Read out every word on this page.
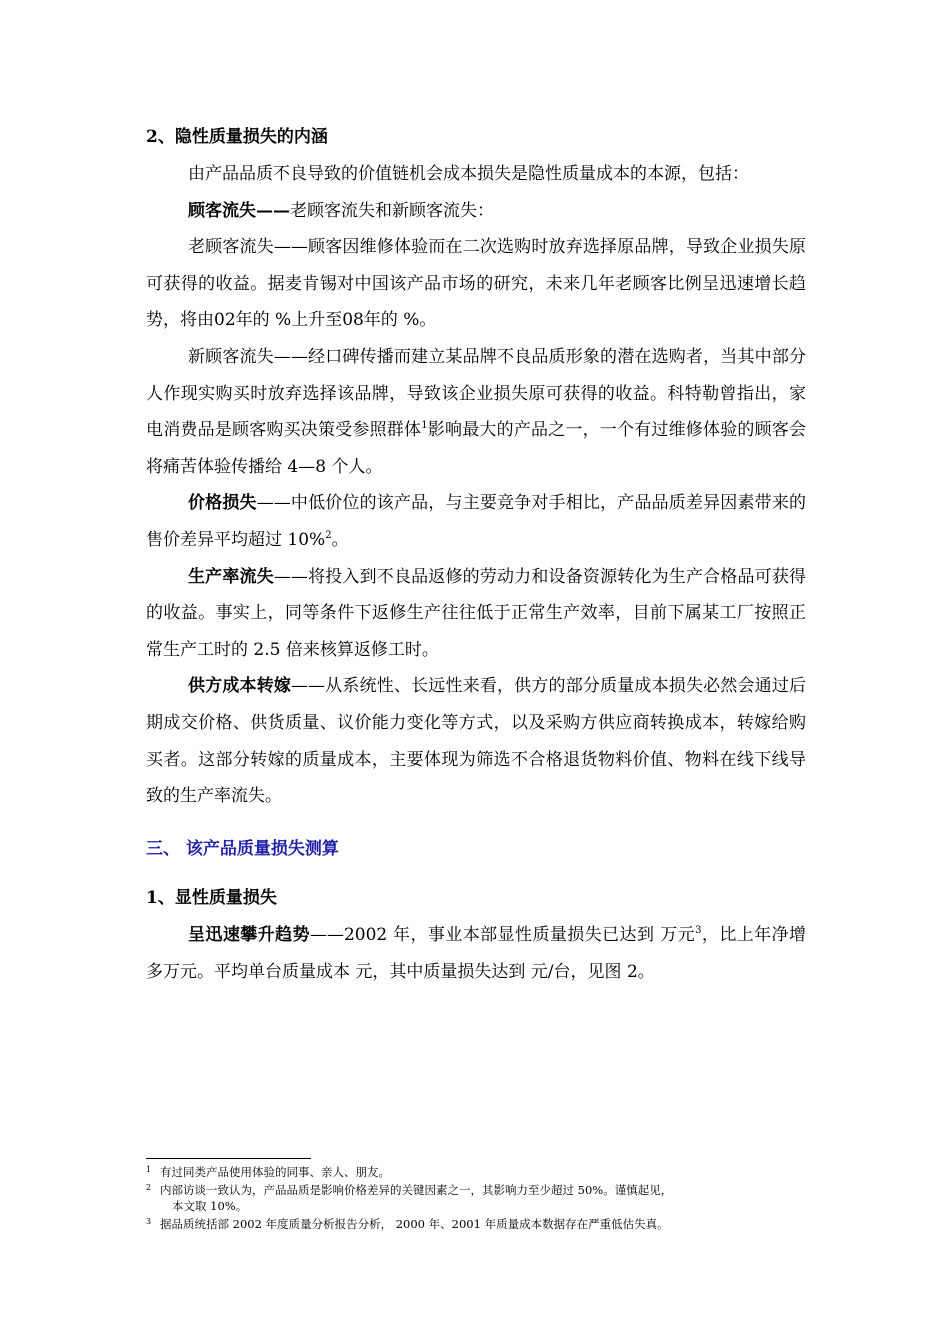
2、隐性质量损失的内涵

由产品品质不良导致的价值链机会成本损失是隐性质量成本的本源，包括：

顾客流失——老顾客流失和新顾客流失：

老顾客流失——顾客因维修体验而在二次选购时放弃选择原品牌，导致企业损失原可获得的收益。据麦肯锡对中国该产品市场的研究，未来几年老顾客比例呈迅速增长趋势，将由02年的 %上升至08年的 %。

新顾客流失——经口碑传播而建立某品牌不良品质形象的潜在选购者，当其中部分人作现实购买时放弃选择该品牌，导致该企业损失原可获得的收益。科特勒曾指出，家电消费品是顾客购买决策受参照群体$^1$影响最大的产品之一，一个有过维修体验的顾客会将痛苦体验传播给 4—8 个人。

价格损失——中低价位的该产品，与主要竞争对手相比，产品品质差异因素带来的售价差异平均超过 10%$^2$。

生产率流失——将投入到不良品返修的劳动力和设备资源转化为生产合格品可获得的收益。事实上，同等条件下返修生产往往低于正常生产效率，目前下属某工厂按照正常生产工时的 2.5 倍来核算返修工时。

供方成本转嫁——从系统性、长远性来看，供方的部分质量成本损失必然会通过后期成交价格、供货质量、议价能力变化等方式，以及采购方供应商转换成本，转嫁给购买者。这部分转嫁的质量成本，主要体现为筛选不合格退货物料价值、物料在线下线导致的生产率流失。

三、 该产品质量损失测算
1、显性质量损失

呈迅速攀升趋势——2002 年，事业本部显性质量损失已达到 万元$^3$，比上年净增 多万元。平均单台质量成本 元，其中质量损失达到 元/台，见图 2。

1 有过同类产品使用体验的同事、亲人、朋友。

2 内部访谈一致认为，产品品质是影响价格差异的关键因素之一，其影响力至少超过 50%。谨慎起见，
本文取 10%。

3 据品质统括部 2002 年度质量分析报告分析， 2000 年、2001 年质量成本数据存在严重低估失真。
